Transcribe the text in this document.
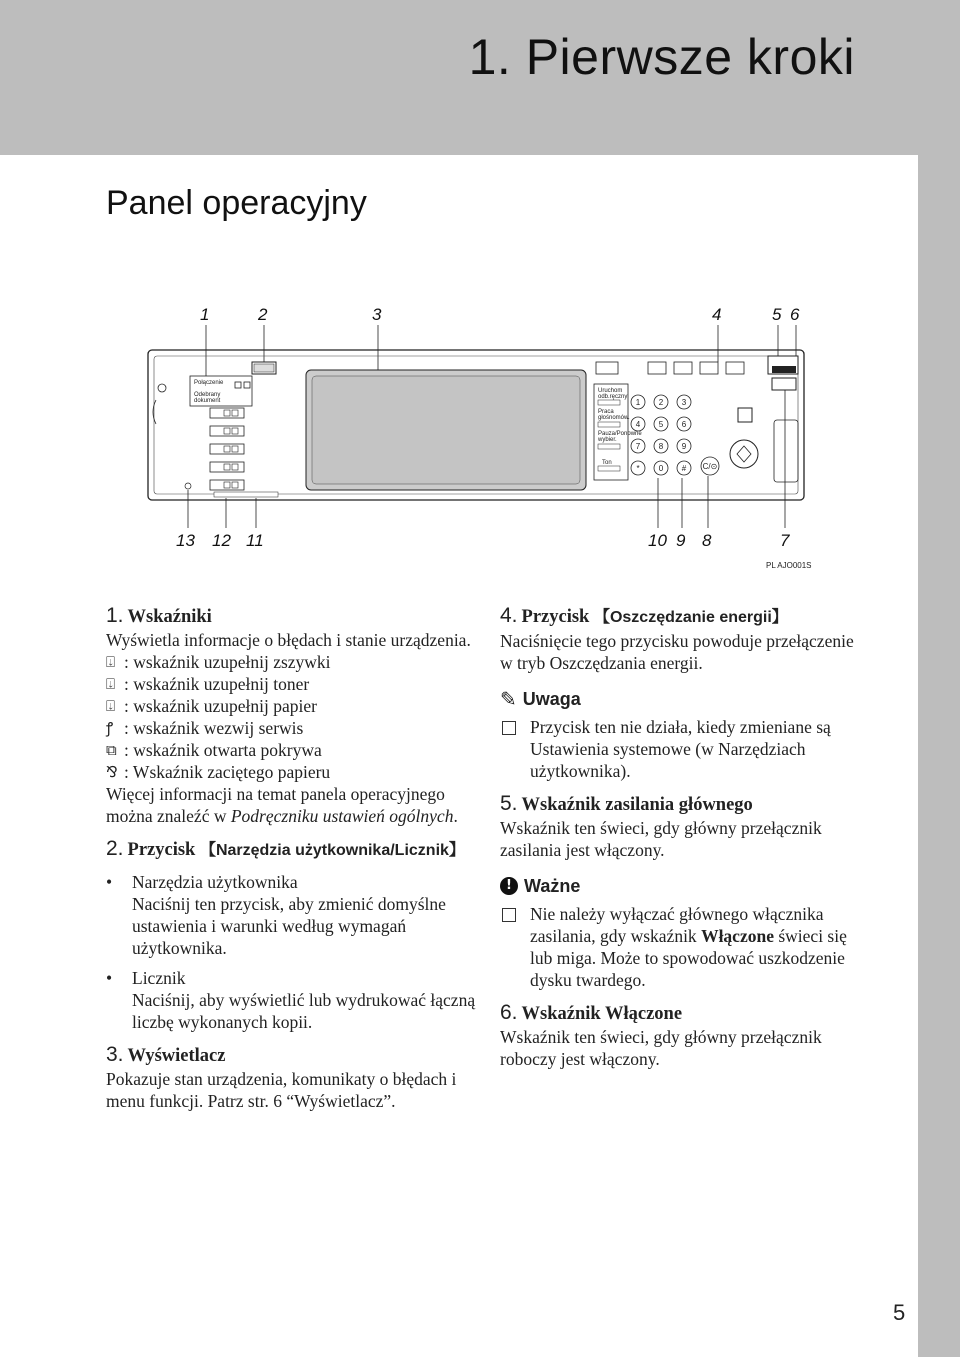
1. Pierwsze kroki
Panel operacyjny
1	2	3	4	5 6
Połączenie
Odebrany
dokument
Uruchom
odb.ręczny
Praca
głośnomów.
Pauza/Ponowne
wybier.
Ton
1 2 3
4 5 6
7 8 9
* 0 # C/⊙
13 12 11	10 9 8	7
PL AJO001S
1. Wskaźniki

Wyświetla informacje o błędach i stanie urządzenia.

⍗ : wskaźnik uzupełnij zszywki
⍗ : wskaźnik uzupełnij toner
⍗ : wskaźnik uzupełnij papier
ꝭ : wskaźnik wezwij serwis
⧉ : wskaźnik otwarta pokrywa
⅋ : Wskaźnik zaciętego papieru

Więcej informacji na temat panela operacyjnego można znaleźć w Podręczniku ustawień ogólnych.

2. Przycisk 【Narzędzia użytkownika/Licznik】
•	Narzędzia użytkownika
Naciśnij ten przycisk, aby zmienić domyślne ustawienia i warunki według wymagań użytkownika.
•	Licznik
Naciśnij, aby wyświetlić lub wydrukować łączną liczbę wykonanych kopii.
3. Wyświetlacz

Pokazuje stan urządzenia, komunikaty o błędach i menu funkcji. Patrz str. 6 “Wyświetlacz”.

4. Przycisk 【Oszczędzanie energii】

Naciśnięcie tego przycisku powoduje przełączenie w tryb Oszczędzania energii.

✎ Uwaga
Przycisk ten nie działa, kiedy zmieniane są Ustawienia systemowe (w Narzędziach użytkownika).
5. Wskaźnik zasilania głównego

Wskaźnik ten świeci, gdy główny przełącznik zasilania jest włączony.

! Ważne
Nie należy wyłączać głównego włącznika zasilania, gdy wskaźnik Włączone świeci się lub miga. Może to spowodować uszkodzenie dysku twardego.
6. Wskaźnik Włączone

Wskaźnik ten świeci, gdy główny przełącznik roboczy jest włączony.

5
